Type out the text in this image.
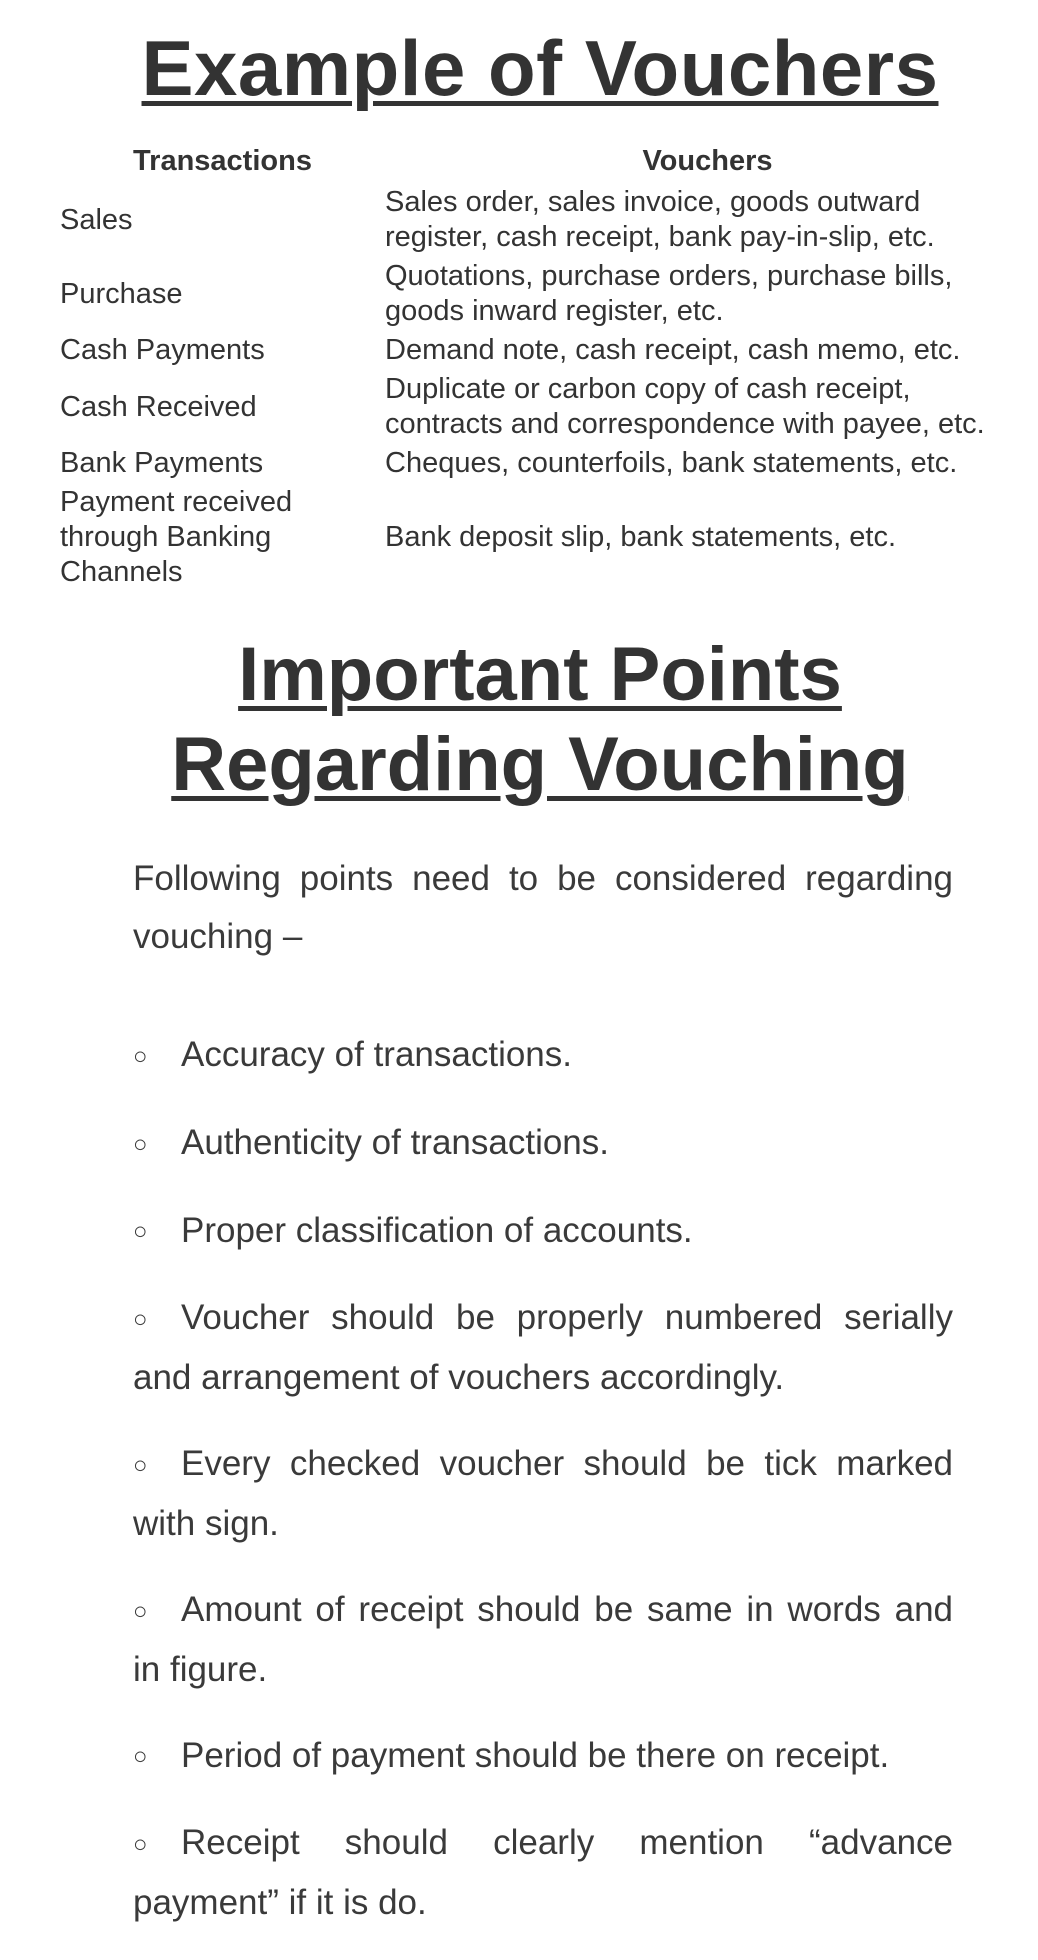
Example of Vouchers
Transactions	Vouchers
Sales	Sales order, sales invoice, goods outward register, cash receipt, bank pay-in-slip, etc.
Purchase	Quotations, purchase orders, purchase bills, goods inward register, etc.
Cash Payments	Demand note, cash receipt, cash memo, etc.
Cash Received	Duplicate or carbon copy of cash receipt, contracts and correspondence with payee, etc.
Bank Payments	Cheques, counterfoils, bank statements, etc.
Payment received through Banking Channels	Bank deposit slip, bank statements, etc.
Important Points Regarding Vouching

Following points need to be considered regarding vouching –

○ Accuracy of transactions.
○ Authenticity of transactions.
○ Proper classification of accounts.
○ Voucher should be properly numbered serially and arrangement of vouchers accordingly.
○ Every checked voucher should be tick marked with sign.
○ Amount of receipt should be same in words and in figure.
○ Period of payment should be there on receipt.
○ Receipt should clearly mention “advance payment” if it is do.
